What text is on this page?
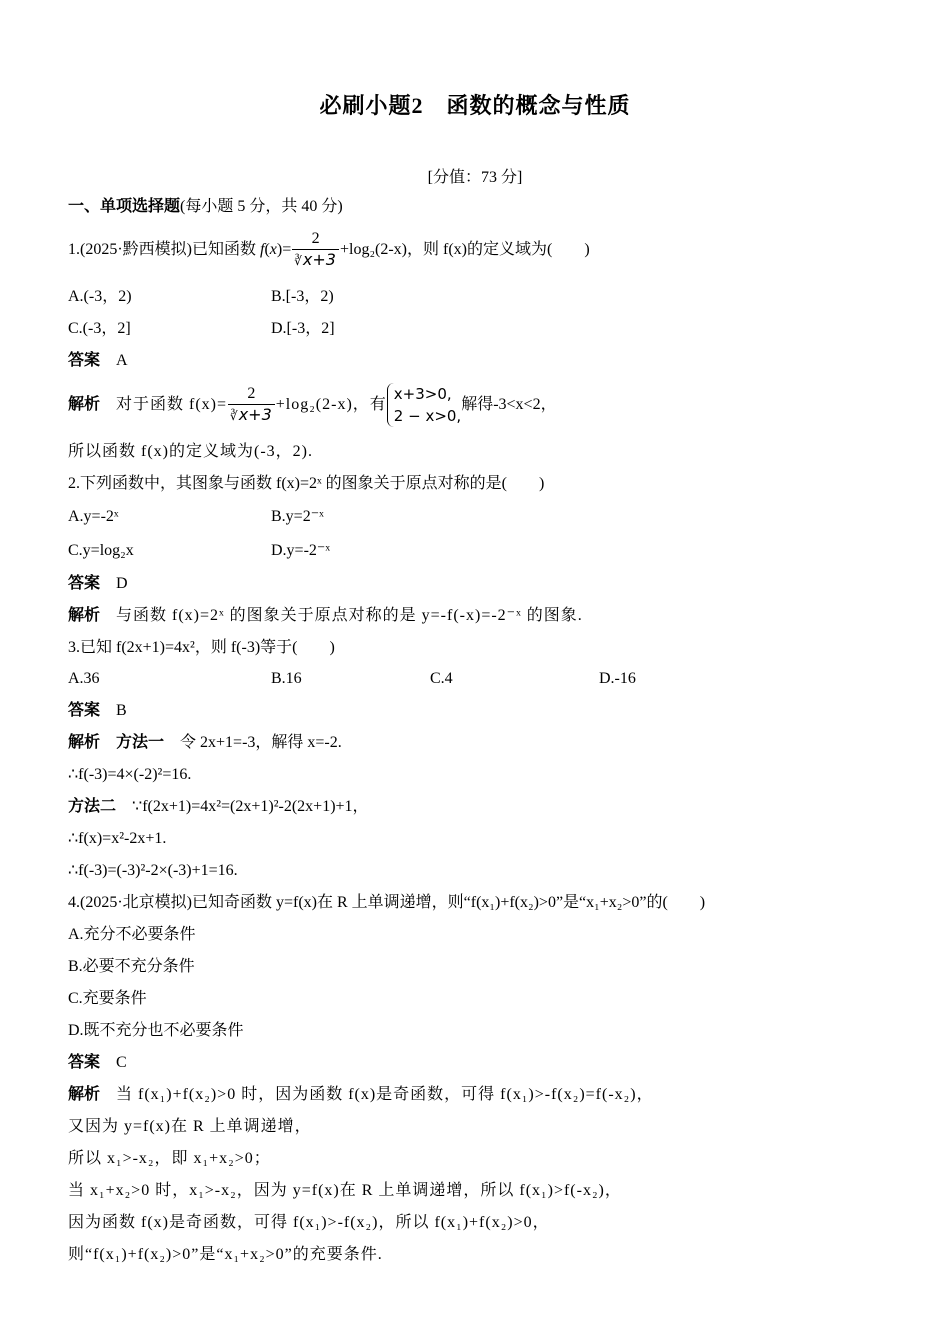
必刷小题2　函数的概念与性质
[分值：73 分]
一、单项选择题(每小题 5 分，共 40 分)
1.(2025·黔西模拟)已知函数 $f(x)= \frac{2}{∛x+3} +\log_2(2-x)$，则 f(x)的定义域为(　　)
A.(-3，2)	B.[-3，2)
C.(-3，2]	D.[-3，2]
答案 A
解析 对于函数 $f(x)= \frac{2}{∛x+3} +\log_2(2-x)$，有
x+3>0,
2 − x>0,
解得-3<x<2，
所以函数 f(x)的定义域为(-3，2).
2.下列函数中，其图象与函数 f(x)=2ˣ 的图象关于原点对称的是(　　)
A.y=-2ˣ	B.y=2⁻ˣ
C.y=log₂x	D.y=-2⁻ˣ
答案 D
解析 与函数 f(x)=2ˣ 的图象关于原点对称的是 y=-f(-x)=-2⁻ˣ 的图象.
3.已知 f(2x+1)=4x²，则 f(-3)等于(　　)
A.36	B.16	C.4	D.-16
答案 B
解析 方法一 令 2x+1=-3，解得 x=-2.
∴f(-3)=4×(-2)²=16.
方法二 ∵f(2x+1)=4x²=(2x+1)²-2(2x+1)+1，
∴f(x)=x²-2x+1.
∴f(-3)=(-3)²-2×(-3)+1=16.
4.(2025·北京模拟)已知奇函数 y=f(x)在 R 上单调递增，则“f(x₁)+f(x₂)>0”是“x₁+x₂>0”的(　　)
A.充分不必要条件
B.必要不充分条件
C.充要条件
D.既不充分也不必要条件
答案 C
解析 当 f(x₁)+f(x₂)>0 时，因为函数 f(x)是奇函数，可得 f(x₁)>-f(x₂)=f(-x₂)，
又因为 y=f(x)在 R 上单调递增，
所以 x₁>-x₂，即 x₁+x₂>0；
当 x₁+x₂>0 时，x₁>-x₂，因为 y=f(x)在 R 上单调递增，所以 f(x₁)>f(-x₂)，
因为函数 f(x)是奇函数，可得 f(x₁)>-f(x₂)，所以 f(x₁)+f(x₂)>0，
则“f(x₁)+f(x₂)>0”是“x₁+x₂>0”的充要条件.
